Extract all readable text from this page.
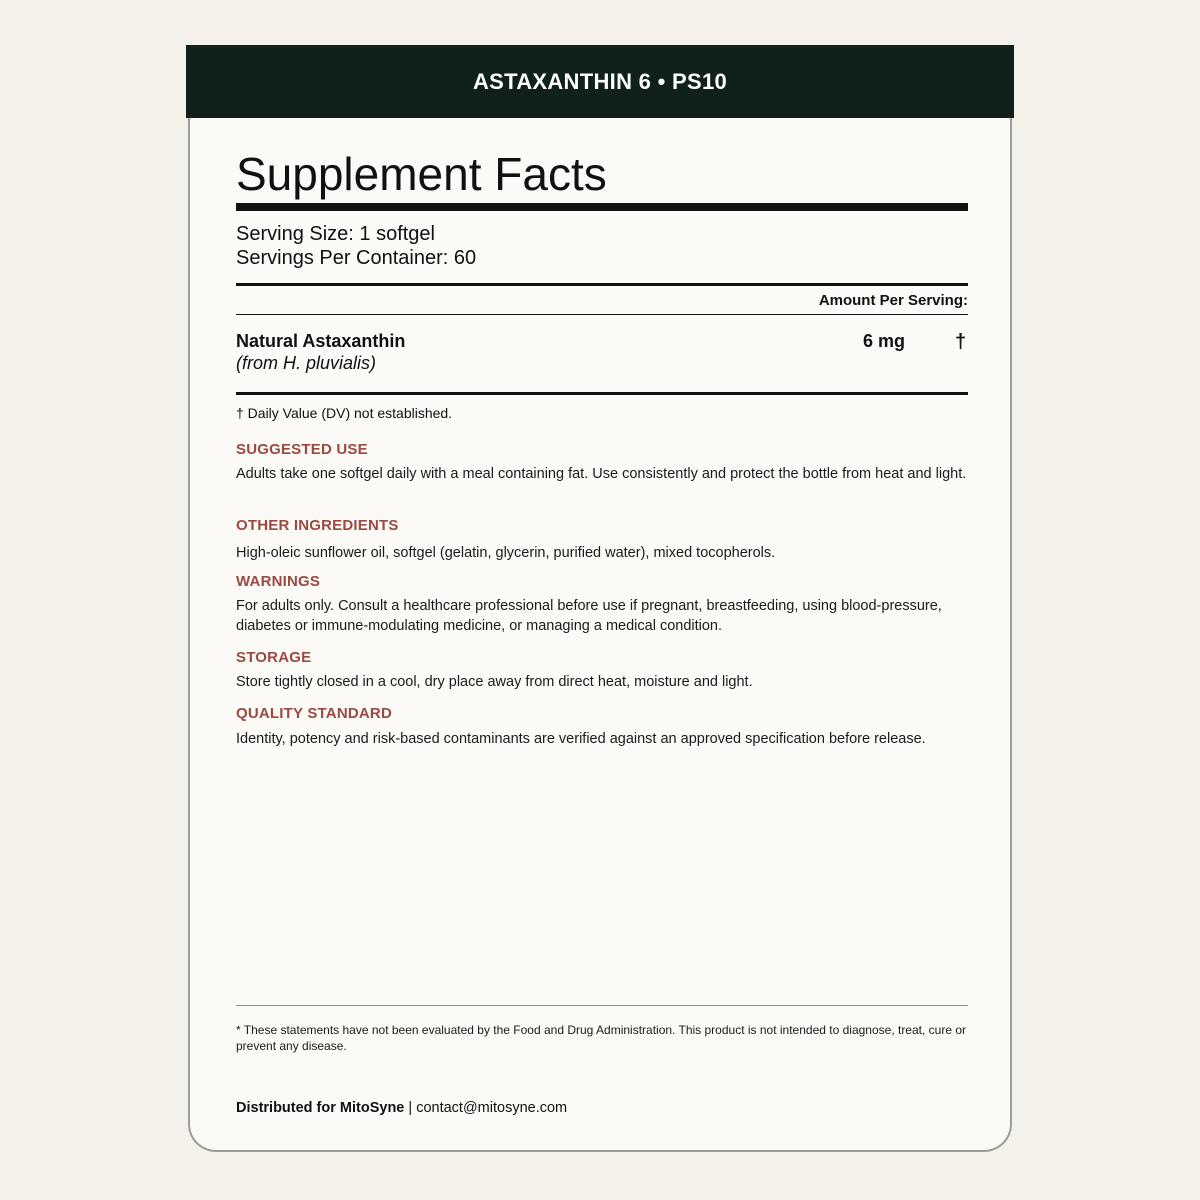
ASTAXANTHIN 6 • PS10
Supplement Facts
Serving Size: 1 softgel
Servings Per Container: 60
Amount Per Serving:
Natural Astaxanthin
(from H. pluvialis)
6 mg †
† Daily Value (DV) not established.
SUGGESTED USE
Adults take one softgel daily with a meal containing fat. Use consistently and protect the bottle from heat and light.
OTHER INGREDIENTS
High-oleic sunflower oil, softgel (gelatin, glycerin, purified water), mixed tocopherols.
WARNINGS
For adults only. Consult a healthcare professional before use if pregnant, breastfeeding, using blood-pressure, diabetes or immune-modulating medicine, or managing a medical condition.
STORAGE
Store tightly closed in a cool, dry place away from direct heat, moisture and light.
QUALITY STANDARD
Identity, potency and risk-based contaminants are verified against an approved specification before release.
* These statements have not been evaluated by the Food and Drug Administration. This product is not intended to diagnose, treat, cure or prevent any disease.
Distributed for MitoSyne | contact@mitosyne.com
